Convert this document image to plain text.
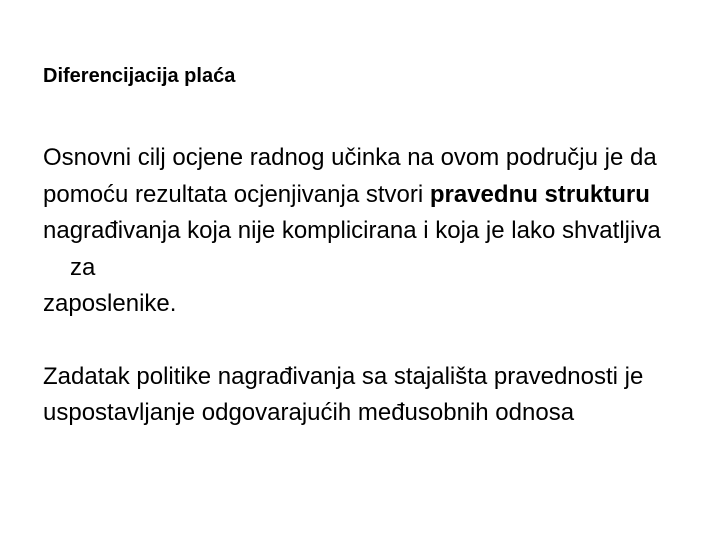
Diferencijacija plaća

Osnovni cilj ocjene radnog učinka na ovom području je da

pomoću rezultata ocjenjivanja stvori pravednu strukturu

nagrađivanja koja nije komplicirana i koja je lako shvatljiva za

zaposlenike.

Zadatak politike nagrađivanja sa stajališta pravednosti je

uspostavljanje odgovarajućih međusobnih odnosa
